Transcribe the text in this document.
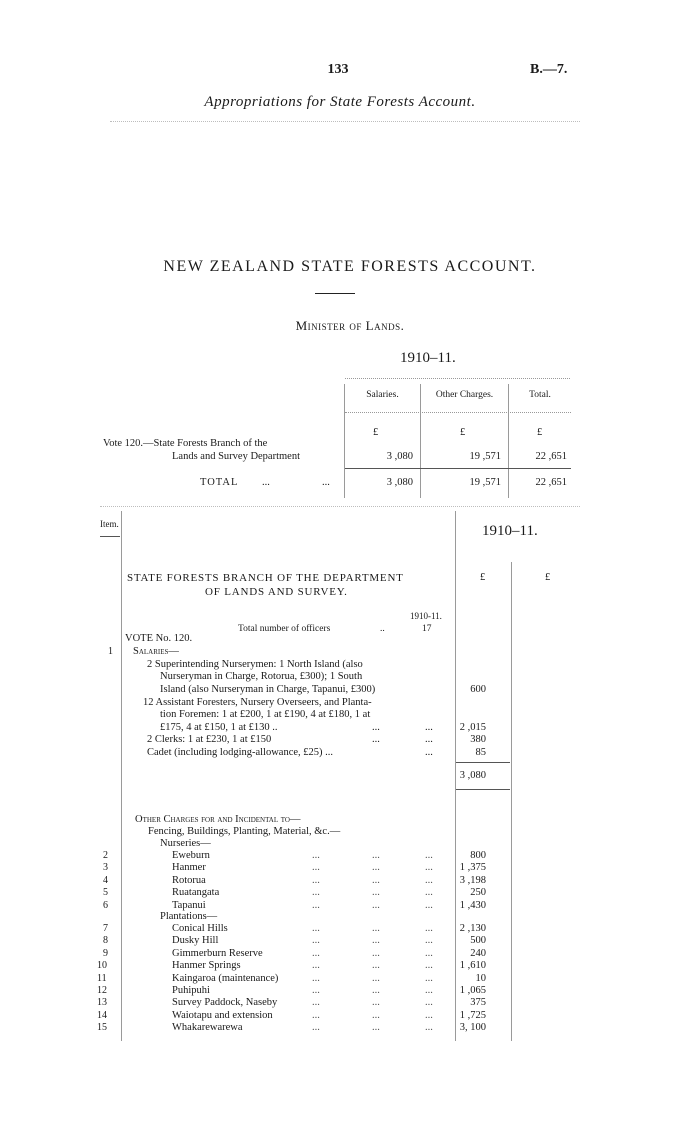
133	B.—7.
Appropriations for State Forests Account.
NEW ZEALAND STATE FORESTS ACCOUNT.
Minister of Lands.
1910–11.
Salaries.	Other Charges.	Total.
£	£	£
Vote 120.—State Forests Branch of the
Lands and Survey Department	3 ,080	19 ,571	22 ,651
TOTAL ...	...	3 ,080	19 ,571	22 ,651
Item.	1910–11.
£	£
STATE FORESTS BRANCH OF THE DEPARTMENT
OF LANDS AND SURVEY.
1910-11.
Total number of officers	..	17
VOTE No. 120.
1 Salaries—
2 Superintending Nurserymen: 1 North Island (also
Nurseryman in Charge, Rotorua, £300); 1 South
Island (also Nurseryman in Charge, Tapanui, £300)	600
12 Assistant Foresters, Nursery Overseers, and Planta-
tion Foremen: 1 at £200, 1 at £190, 4 at £180, 1 at
£175, 4 at £150, 1 at £130 ..	...	...	2 ,015
2 Clerks: 1 at £230, 1 at £150	...	...	380
Cadet (including lodging-allowance, £25) ...	...	85
3 ,080
Other Charges for and Incidental to—
Fencing, Buildings, Planting, Material, &c.—
Nurseries—
2	Eweburn	...	...	...	800
3	Hanmer	...	...	...	1 ,375
4	Rotorua	...	...	...	3 ,198
5	Ruatangata	...	...	...	250
6	Tapanui	...	...	...	1 ,430
Plantations—
7	Conical Hills	...	...	...	2 ,130
8	Dusky Hill	...	...	...	500
9	Gimmerburn Reserve	...	...	...	240
10	Hanmer Springs	...	...	...	1 ,610
11	Kaingaroa (maintenance)	...	...	...	10
12	Puhipuhi	...	...	...	1 ,065
13	Survey Paddock, Naseby	...	...	...	375
14	Waiotapu and extension	...	...	...	1 ,725
15	Whakarewarewa	...	...	...	3, 100
